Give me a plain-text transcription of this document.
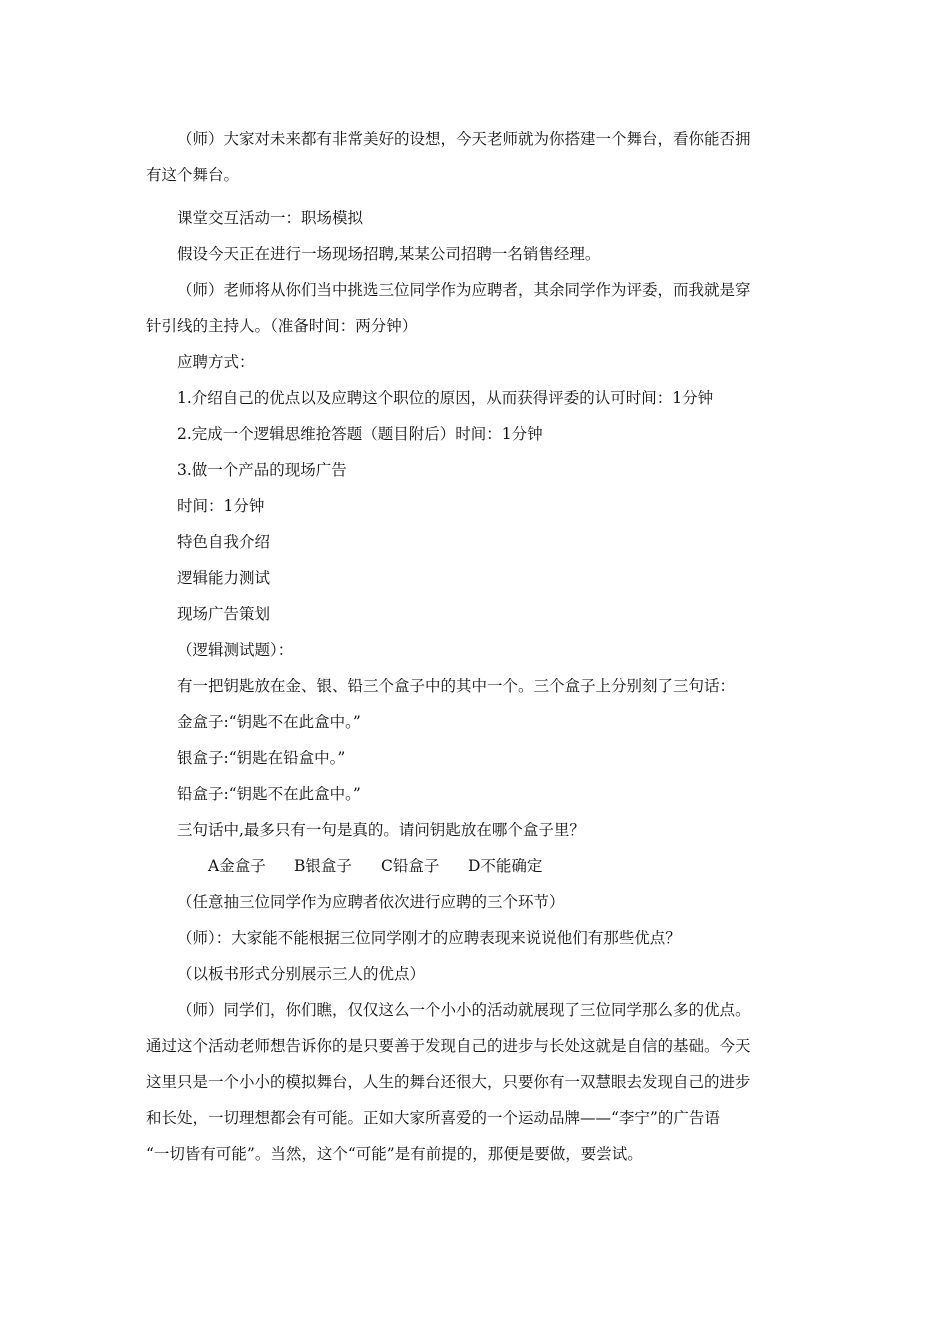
（师）大家对未来都有非常美好的设想，今天老师就为你搭建一个舞台，看你能否拥

有这个舞台。

课堂交互活动一：职场模拟

假设今天正在进行一场现场招聘,某某公司招聘一名销售经理。

（师）老师将从你们当中挑选三位同学作为应聘者，其余同学作为评委，而我就是穿

针引线的主持人。（准备时间：两分钟）

应聘方式：

1.介绍自己的优点以及应聘这个职位的原因，从而获得评委的认可时间：1分钟

2.完成一个逻辑思维抢答题（题目附后）时间：1分钟

3.做一个产品的现场广告

时间：1分钟

特色自我介绍

逻辑能力测试

现场广告策划

（逻辑测试题）：

有一把钥匙放在金、银、铅三个盒子中的其中一个。三个盒子上分别刻了三句话：

金盒子:“钥匙不在此盒中。”

银盒子:“钥匙在铅盒中。”

铅盒子:“钥匙不在此盒中。”

三句话中,最多只有一句是真的。请问钥匙放在哪个盒子里？

A金盒子 B银盒子 C铅盒子 D不能确定

（任意抽三位同学作为应聘者依次进行应聘的三个环节）

（师）：大家能不能根据三位同学刚才的应聘表现来说说他们有那些优点？

（以板书形式分别展示三人的优点）

（师）同学们，你们瞧，仅仅这么一个小小的活动就展现了三位同学那么多的优点。

通过这个活动老师想告诉你的是只要善于发现自己的进步与长处这就是自信的基础。今天

这里只是一个小小的模拟舞台，人生的舞台还很大，只要你有一双慧眼去发现自己的进步

和长处，一切理想都会有可能。正如大家所喜爱的一个运动品牌——“李宁”的广告语

“一切皆有可能”。当然，这个“可能”是有前提的，那便是要做，要尝试。
